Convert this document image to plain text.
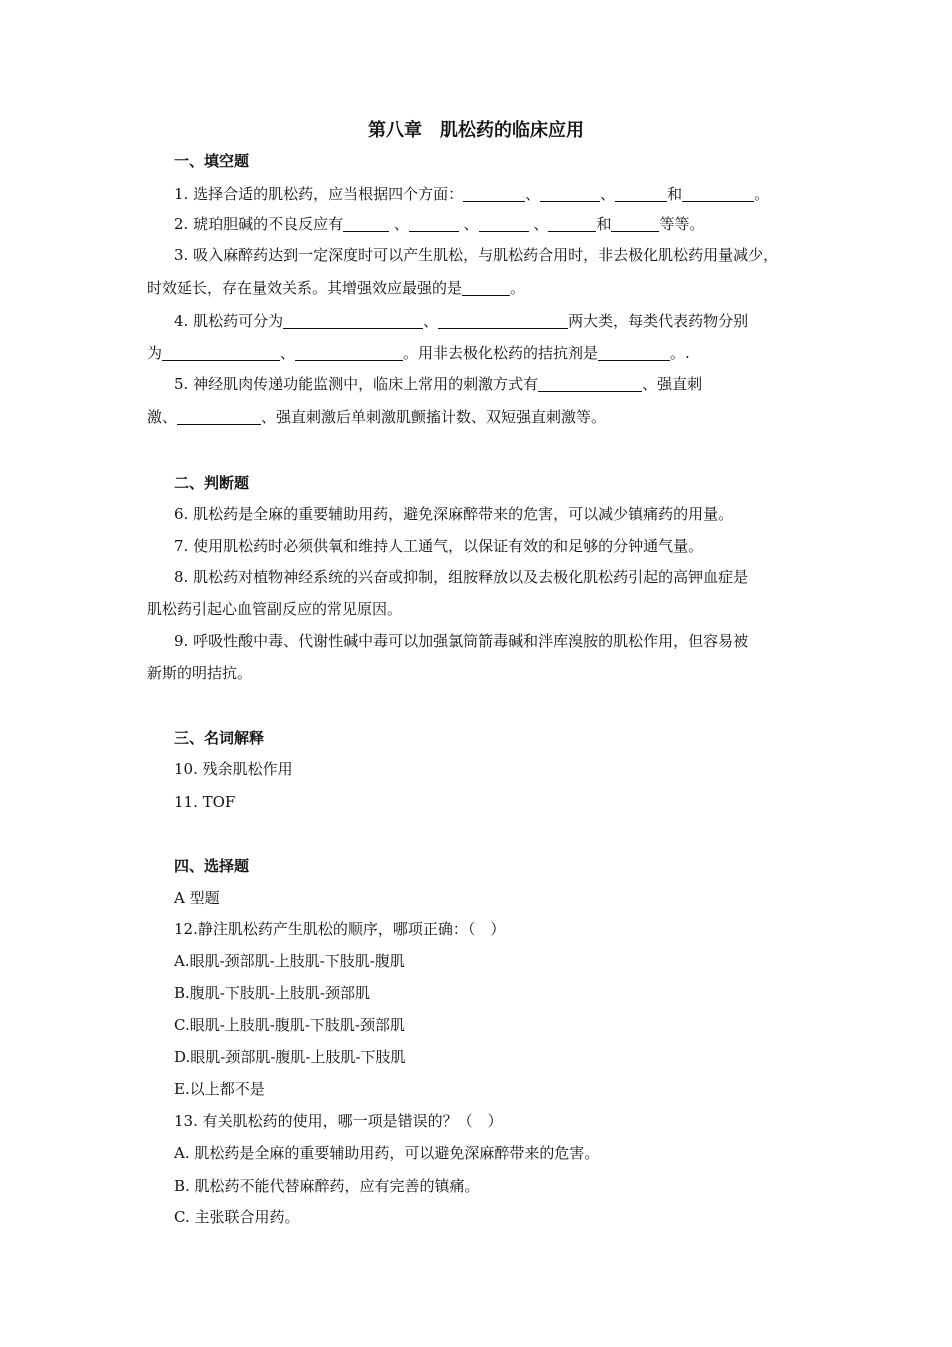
第八章　肌松药的临床应用
一、填空题
1. 选择合适的肌松药，应当根据四个方面：	、	、	和	。
2. 琥珀胆碱的不良反应有	、	、	、	和	等等。
3. 吸入麻醉药达到一定深度时可以产生肌松，与肌松药合用时，非去极化肌松药用量减少，
时效延长，存在量效关系。其增强效应最强的是	。
4. 肌松药可分为	、	两大类，每类代表药物分别
为	、	。用非去极化松药的拮抗剂是	。.
5. 神经肌肉传递功能监测中，临床上常用的刺激方式有	、强直刺
激、	、强直刺激后单刺激肌颤搐计数、双短强直刺激等。
二、判断题
6. 肌松药是全麻的重要辅助用药，避免深麻醉带来的危害，可以减少镇痛药的用量。
7. 使用肌松药时必须供氧和维持人工通气，以保证有效的和足够的分钟通气量。
8. 肌松药对植物神经系统的兴奋或抑制，组胺释放以及去极化肌松药引起的高钾血症是
肌松药引起心血管副反应的常见原因。
9. 呼吸性酸中毒、代谢性碱中毒可以加强氯筒箭毒碱和泮库溴胺的肌松作用，但容易被
新斯的明拮抗。
三、名词解释
10. 残余肌松作用
11. TOF
四、选择题
A 型题
12.静注肌松药产生肌松的顺序，哪项正确：（　）
A.眼肌-颈部肌-上肢肌-下肢肌-腹肌
B.腹肌-下肢肌-上肢肌-颈部肌
C.眼肌-上肢肌-腹肌-下肢肌-颈部肌
D.眼肌-颈部肌-腹肌-上肢肌-下肢肌
E.以上都不是
13. 有关肌松药的使用，哪一项是错误的？（　）
A. 肌松药是全麻的重要辅助用药，可以避免深麻醉带来的危害。
B. 肌松药不能代替麻醉药，应有完善的镇痛。
C. 主张联合用药。
